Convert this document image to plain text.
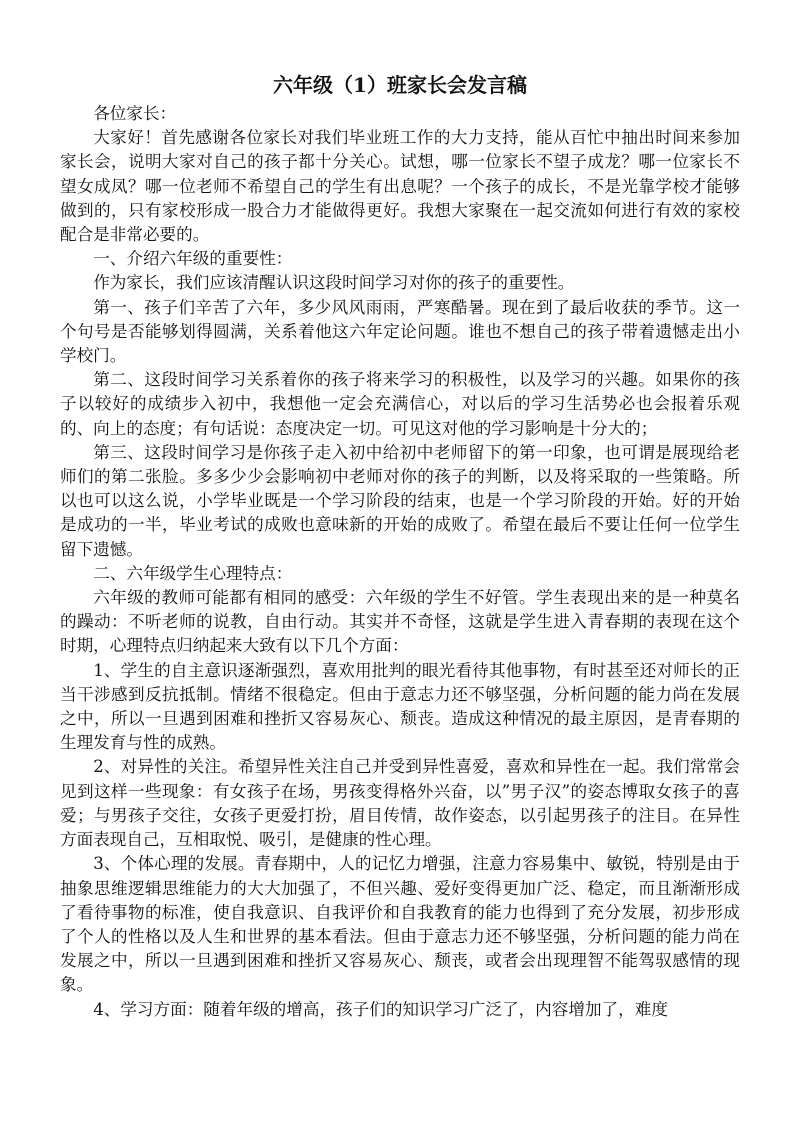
六年级（1）班家长会发言稿

各位家长：

大家好！首先感谢各位家长对我们毕业班工作的大力支持，能从百忙中抽出时间来参加家长会，说明大家对自己的孩子都十分关心。试想，哪一位家长不望子成龙？哪一位家长不望女成凤？哪一位老师不希望自己的学生有出息呢？一个孩子的成长，不是光靠学校才能够做到的，只有家校形成一股合力才能做得更好。我想大家聚在一起交流如何进行有效的家校配合是非常必要的。

一、介绍六年级的重要性：

作为家长，我们应该清醒认识这段时间学习对你的孩子的重要性。

第一、孩子们辛苦了六年，多少风风雨雨，严寒酷暑。现在到了最后收获的季节。这一个句号是否能够划得圆满，关系着他这六年定论问题。谁也不想自己的孩子带着遗憾走出小学校门。

第二、这段时间学习关系着你的孩子将来学习的积极性，以及学习的兴趣。如果你的孩子以较好的成绩步入初中，我想他一定会充满信心，对以后的学习生活势必也会报着乐观的、向上的态度；有句话说：态度决定一切。可见这对他的学习影响是十分大的；

第三、这段时间学习是你孩子走入初中给初中老师留下的第一印象，也可谓是展现给老师们的第二张脸。多多少少会影响初中老师对你的孩子的判断，以及将采取的一些策略。所以也可以这么说，小学毕业既是一个学习阶段的结束，也是一个学习阶段的开始。好的开始是成功的一半，毕业考试的成败也意味新的开始的成败了。希望在最后不要让任何一位学生留下遗憾。

二、六年级学生心理特点：

六年级的教师可能都有相同的感受：六年级的学生不好管。学生表现出来的是一种莫名的躁动：不听老师的说教，自由行动。其实并不奇怪，这就是学生进入青春期的表现在这个时期，心理特点归纳起来大致有以下几个方面：

1、学生的自主意识逐渐强烈，喜欢用批判的眼光看待其他事物，有时甚至还对师长的正当干涉感到反抗抵制。情绪不很稳定。但由于意志力还不够坚强，分析问题的能力尚在发展之中，所以一旦遇到困难和挫折又容易灰心、颓丧。造成这种情况的最主原因，是青春期的生理发育与性的成熟。

2、对异性的关注。希望异性关注自己并受到异性喜爱，喜欢和异性在一起。我们常常会见到这样一些现象：有女孩子在场，男孩变得格外兴奋，以”男子汉”的姿态博取女孩子的喜爱；与男孩子交往，女孩子更爱打扮，眉目传情，故作姿态，以引起男孩子的注目。在异性方面表现自己，互相取悦、吸引，是健康的性心理。

3、个体心理的发展。青春期中，人的记忆力增强，注意力容易集中、敏锐，特别是由于抽象思维逻辑思维能力的大大加强了，不但兴趣、爱好变得更加广泛、稳定，而且渐渐形成了看待事物的标准，使自我意识、自我评价和自我教育的能力也得到了充分发展，初步形成了个人的性格以及人生和世界的基本看法。但由于意志力还不够坚强，分析问题的能力尚在发展之中，所以一旦遇到困难和挫折又容易灰心、颓丧，或者会出现理智不能驾驭感情的现象。

4、学习方面：随着年级的增高，孩子们的知识学习广泛了，内容增加了，难度
